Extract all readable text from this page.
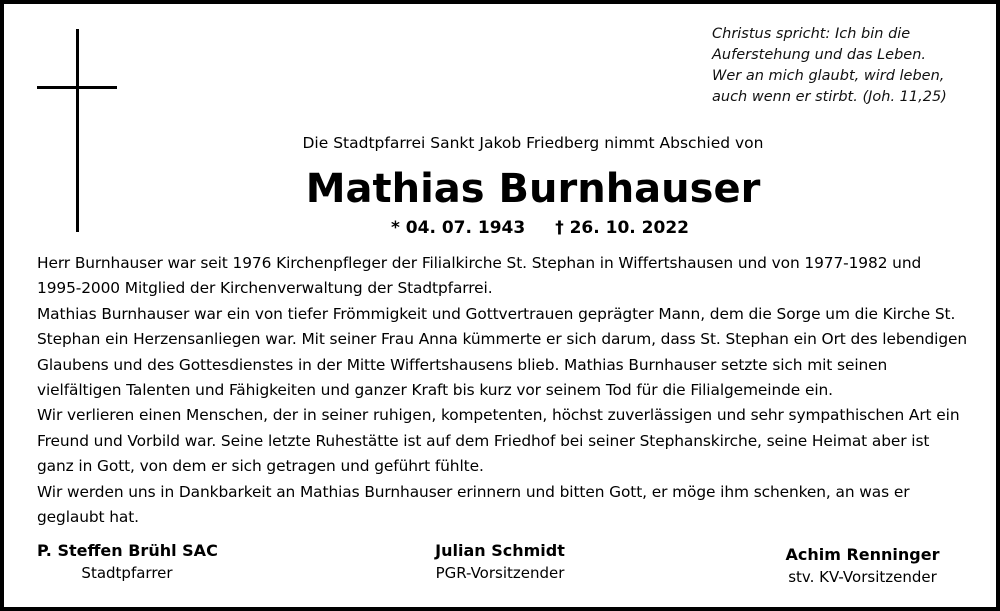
Christus spricht: Ich bin die
Auferstehung und das Leben.
Wer an mich glaubt, wird leben,
auch wenn er stirbt. (Joh. 11,25)
Die Stadtpfarrei Sankt Jakob Friedberg nimmt Abschied von
Mathias Burnhauser
* 04. 07. 1943 † 26. 10. 2022
Herr Burnhauser war seit 1976 Kirchenpfleger der Filialkirche St. Stephan in Wiffertshausen und von 1977-1982 und 1995-2000 Mitglied der Kirchenverwaltung der Stadtpfarrei.
Mathias Burnhauser war ein von tiefer Frömmigkeit und Gottvertrauen geprägter Mann, dem die Sorge um die Kirche St. Stephan ein Herzensanliegen war. Mit seiner Frau Anna kümmerte er sich darum, dass St. Stephan ein Ort des lebendigen Glaubens und des Gottesdienstes in der Mitte Wiffertshausens blieb. Mathias Burnhauser setzte sich mit seinen vielfältigen Talenten und Fähigkeiten und ganzer Kraft bis kurz vor seinem Tod für die Filialgemeinde ein.
Wir verlieren einen Menschen, der in seiner ruhigen, kompetenten, höchst zuverlässigen und sehr sympathischen Art ein Freund und Vorbild war. Seine letzte Ruhestätte ist auf dem Friedhof bei seiner Stephanskirche, seine Heimat aber ist ganz in Gott, von dem er sich getragen und geführt fühlte.
Wir werden uns in Dankbarkeit an Mathias Burnhauser erinnern und bitten Gott, er möge ihm schenken, an was er geglaubt hat.
P. Steffen Brühl SAC
Stadtpfarrer
Julian Schmidt
PGR-Vorsitzender
Achim Renninger
stv. KV-Vorsitzender
